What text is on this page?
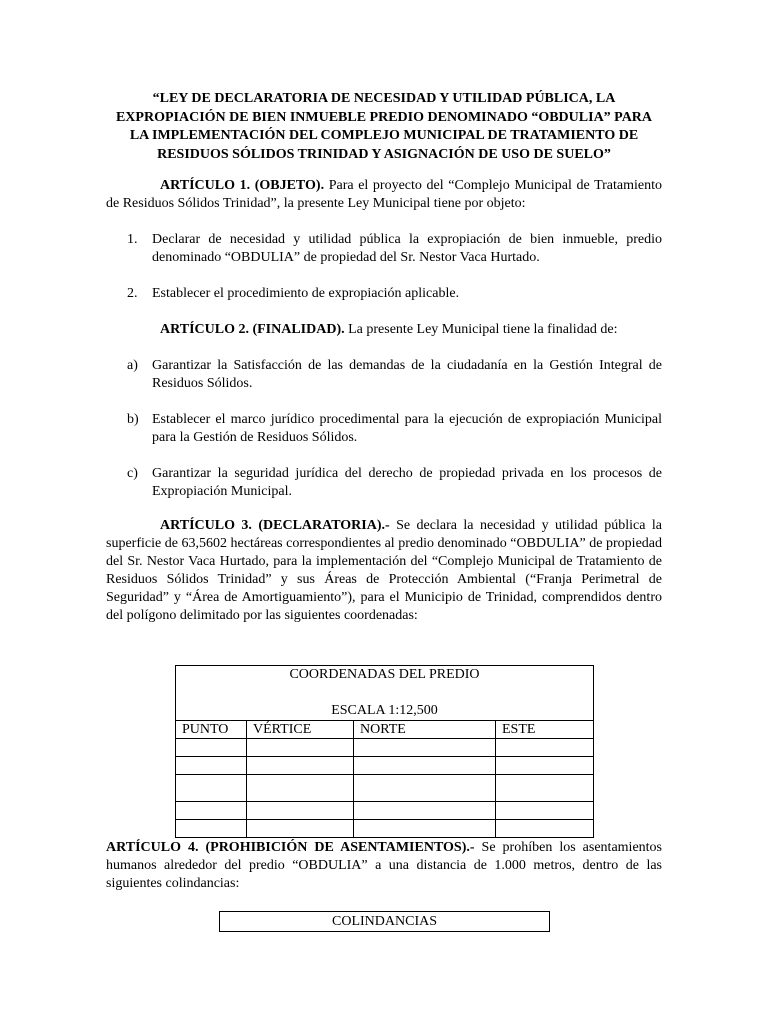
“LEY DE DECLARATORIA DE NECESIDAD Y UTILIDAD PÚBLICA, LA EXPROPIACIÓN DE BIEN INMUEBLE PREDIO DENOMINADO “OBDULIA” PARA LA IMPLEMENTACIÓN DEL COMPLEJO MUNICIPAL DE TRATAMIENTO DE RESIDUOS SÓLIDOS TRINIDAD Y ASIGNACIÓN DE USO DE SUELO”

ARTÍCULO 1. (OBJETO). Para el proyecto del “Complejo Municipal de Tratamiento de Residuos Sólidos Trinidad”, la presente Ley Municipal tiene por objeto:

1. Declarar de necesidad y utilidad pública la expropiación de bien inmueble, predio denominado “OBDULIA” de propiedad del Sr. Nestor Vaca Hurtado.
2. Establecer el procedimiento de expropiación aplicable.

ARTÍCULO 2. (FINALIDAD). La presente Ley Municipal tiene la finalidad de:

a) Garantizar la Satisfacción de las demandas de la ciudadanía en la Gestión Integral de Residuos Sólidos.
b) Establecer el marco jurídico procedimental para la ejecución de expropiación Municipal para la Gestión de Residuos Sólidos.
c) Garantizar la seguridad jurídica del derecho de propiedad privada en los procesos de Expropiación Municipal.

ARTÍCULO 3. (DECLARATORIA).- Se declara la necesidad y utilidad pública la superficie de 63,5602 hectáreas correspondientes al predio denominado “OBDULIA” de propiedad del Sr. Nestor Vaca Hurtado, para la implementación del “Complejo Municipal de Tratamiento de Residuos Sólidos Trinidad” y sus Áreas de Protección Ambiental (“Franja Perimetral de Seguridad” y “Área de Amortiguamiento”), para el Municipio de Trinidad, comprendidos dentro del polígono delimitado por las siguientes coordenadas:

COORDENADAS DEL PREDIO
ESCALA 1:12,500			

PUNTO	VÉRTICE	NORTE	ESTE

ARTÍCULO 4. (PROHIBICIÓN DE ASENTAMIENTOS).- Se prohíben los asentamientos humanos alrededor del predio “OBDULIA” a una distancia de 1.000 metros, dentro de las siguientes colindancias:

COLINDANCIAS
